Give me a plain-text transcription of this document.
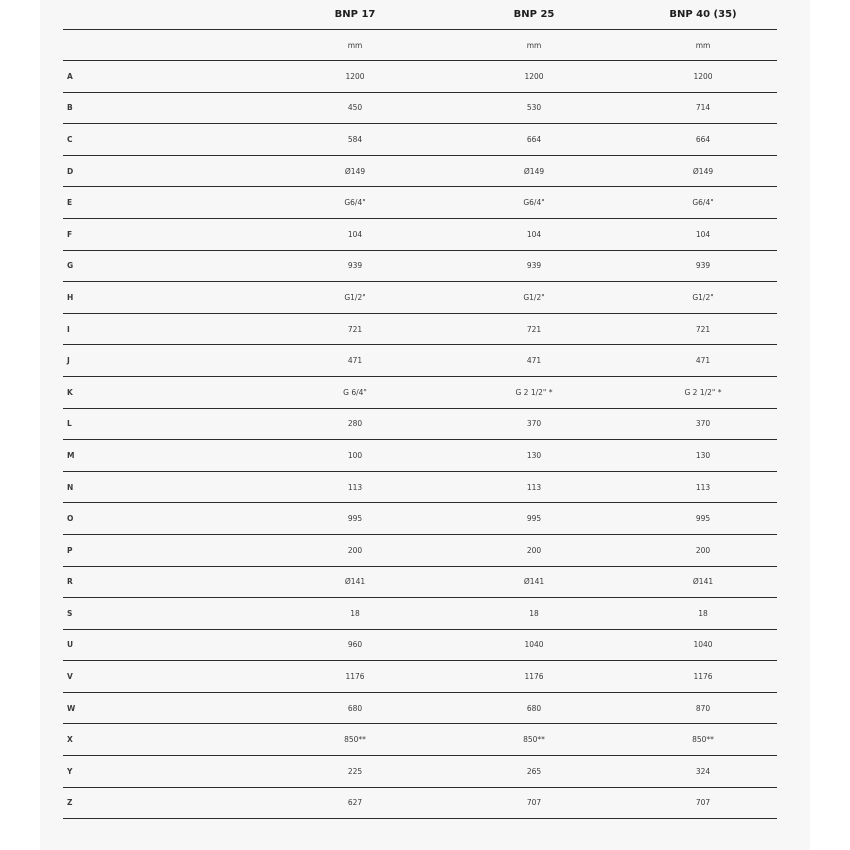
	BNP 17	BNP 25	BNP 40 (35)
	mm	mm	mm
A	1200	1200	1200
B	450	530	714
C	584	664	664
D	Ø149	Ø149	Ø149
E	G6/4"	G6/4"	G6/4"
F	104	104	104
G	939	939	939
H	G1/2"	G1/2"	G1/2"
I	721	721	721
J	471	471	471
K	G 6/4"	G 2 1/2" *	G 2 1/2" *
L	280	370	370
M	100	130	130
N	113	113	113
O	995	995	995
P	200	200	200
R	Ø141	Ø141	Ø141
S	18	18	18
U	960	1040	1040
V	1176	1176	1176
W	680	680	870
X	850**	850**	850**
Y	225	265	324
Z	627	707	707
